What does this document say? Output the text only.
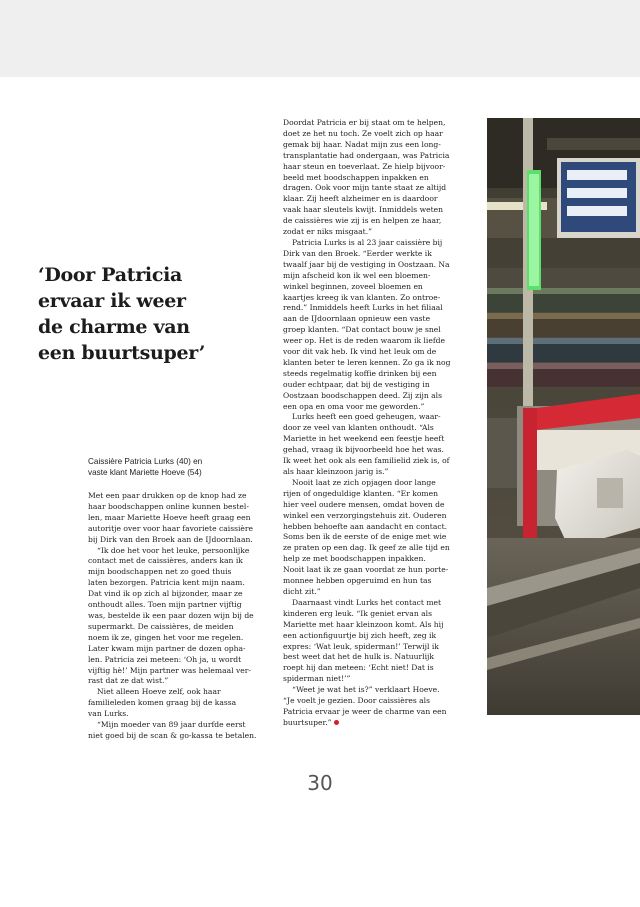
‘Door Patricia
ervaar ik weer
de charme van
een buurtsuper’
Caissière Patricia Lurks (40) en
vaste klant Mariette Hoeve (54)
Met een paar drukken op de knop had ze
haar boodschappen online kunnen bestel-
len, maar Mariette Hoeve heeft graag een
autoritje over voor haar favoriete caissière
bij Dirk van den Broek aan de IJdoornlaan.
“Ik doe het voor het leuke, persoonlijke
contact met de caissières, anders kan ik
mijn boodschappen net zo goed thuis
laten bezorgen. Patricia kent mijn naam.
Dat vind ik op zich al bijzonder, maar ze
onthoudt alles. Toen mijn partner vijftig
was, bestelde ik een paar dozen wijn bij de
supermarkt. De caissières, de meiden
noem ik ze, gingen het voor me regelen.
Later kwam mijn partner de dozen opha-
len. Patricia zei meteen: ‘Oh ja, u wordt
vijftig hè!’ Mijn partner was helemaal ver-
rast dat ze dat wist.”
Niet alleen Hoeve zelf, ook haar
familieleden komen graag bij de kassa
van Lurks.
“Mijn moeder van 89 jaar durfde eerst
niet goed bij de scan & go-kassa te betalen.
Doordat Patricia er bij staat om te helpen,
doet ze het nu toch. Ze voelt zich op haar
gemak bij haar. Nadat mijn zus een long-
transplantatie had ondergaan, was Patricia
haar steun en toeverlaat. Ze hielp bijvoor-
beeld met boodschappen inpakken en
dragen. Ook voor mijn tante staat ze altijd
klaar. Zij heeft alzheimer en is daardoor
vaak haar sleutels kwijt. Inmiddels weten
de caissières wie zij is en helpen ze haar,
zodat er niks misgaat.”
Patricia Lurks is al 23 jaar caissière bij
Dirk van den Broek. “Eerder werkte ik
twaalf jaar bij de vestiging in Oostzaan. Na
mijn afscheid kon ik wel een bloemen-
winkel beginnen, zoveel bloemen en
kaartjes kreeg ik van klanten. Zo ontroe-
rend.” Inmiddels heeft Lurks in het filiaal
aan de IJdoornlaan opnieuw een vaste
groep klanten. “Dat contact bouw je snel
weer op. Het is de reden waarom ik liefde
voor dit vak heb. Ik vind het leuk om de
klanten beter te leren kennen. Zo ga ik nog
steeds regelmatig koffie drinken bij een
ouder echtpaar, dat bij de vestiging in
Oostzaan boodschappen deed. Zij zijn als
een opa en oma voor me geworden.”
Lurks heeft een goed geheugen, waar-
door ze veel van klanten onthoudt. “Als
Mariette in het weekend een feestje heeft
gehad, vraag ik bijvoorbeeld hoe het was.
Ik weet het ook als een familielid ziek is, of
als haar kleinzoon jarig is.”
Nooit laat ze zich opjagen door lange
rijen of ongeduldige klanten. “Er komen
hier veel oudere mensen, omdat boven de
winkel een verzorgingstehuis zit. Ouderen
hebben behoefte aan aandacht en contact.
Soms ben ik de eerste of de enige met wie
ze praten op een dag. Ik geef ze alle tijd en
help ze met boodschappen inpakken.
Nooit laat ik ze gaan voordat ze hun porte-
monnee hebben opgeruimd en hun tas
dicht zit.”
Daarnaast vindt Lurks het contact met
kinderen erg leuk. “Ik geniet ervan als
Mariette met haar kleinzoon komt. Als hij
een actionfiguurtje bij zich heeft, zeg ik
expres: ‘Wat leuk, spiderman!’ Terwijl ik
best weet dat het de hulk is. Natuurlijk
roept hij dan meteen: ‘Echt niet! Dat is
spiderman niet!’”
“Weet je wat het is?” verklaart Hoeve.
“Je voelt je gezien. Door caissières als
Patricia ervaar je weer de charme van een
buurtsuper.”
30
